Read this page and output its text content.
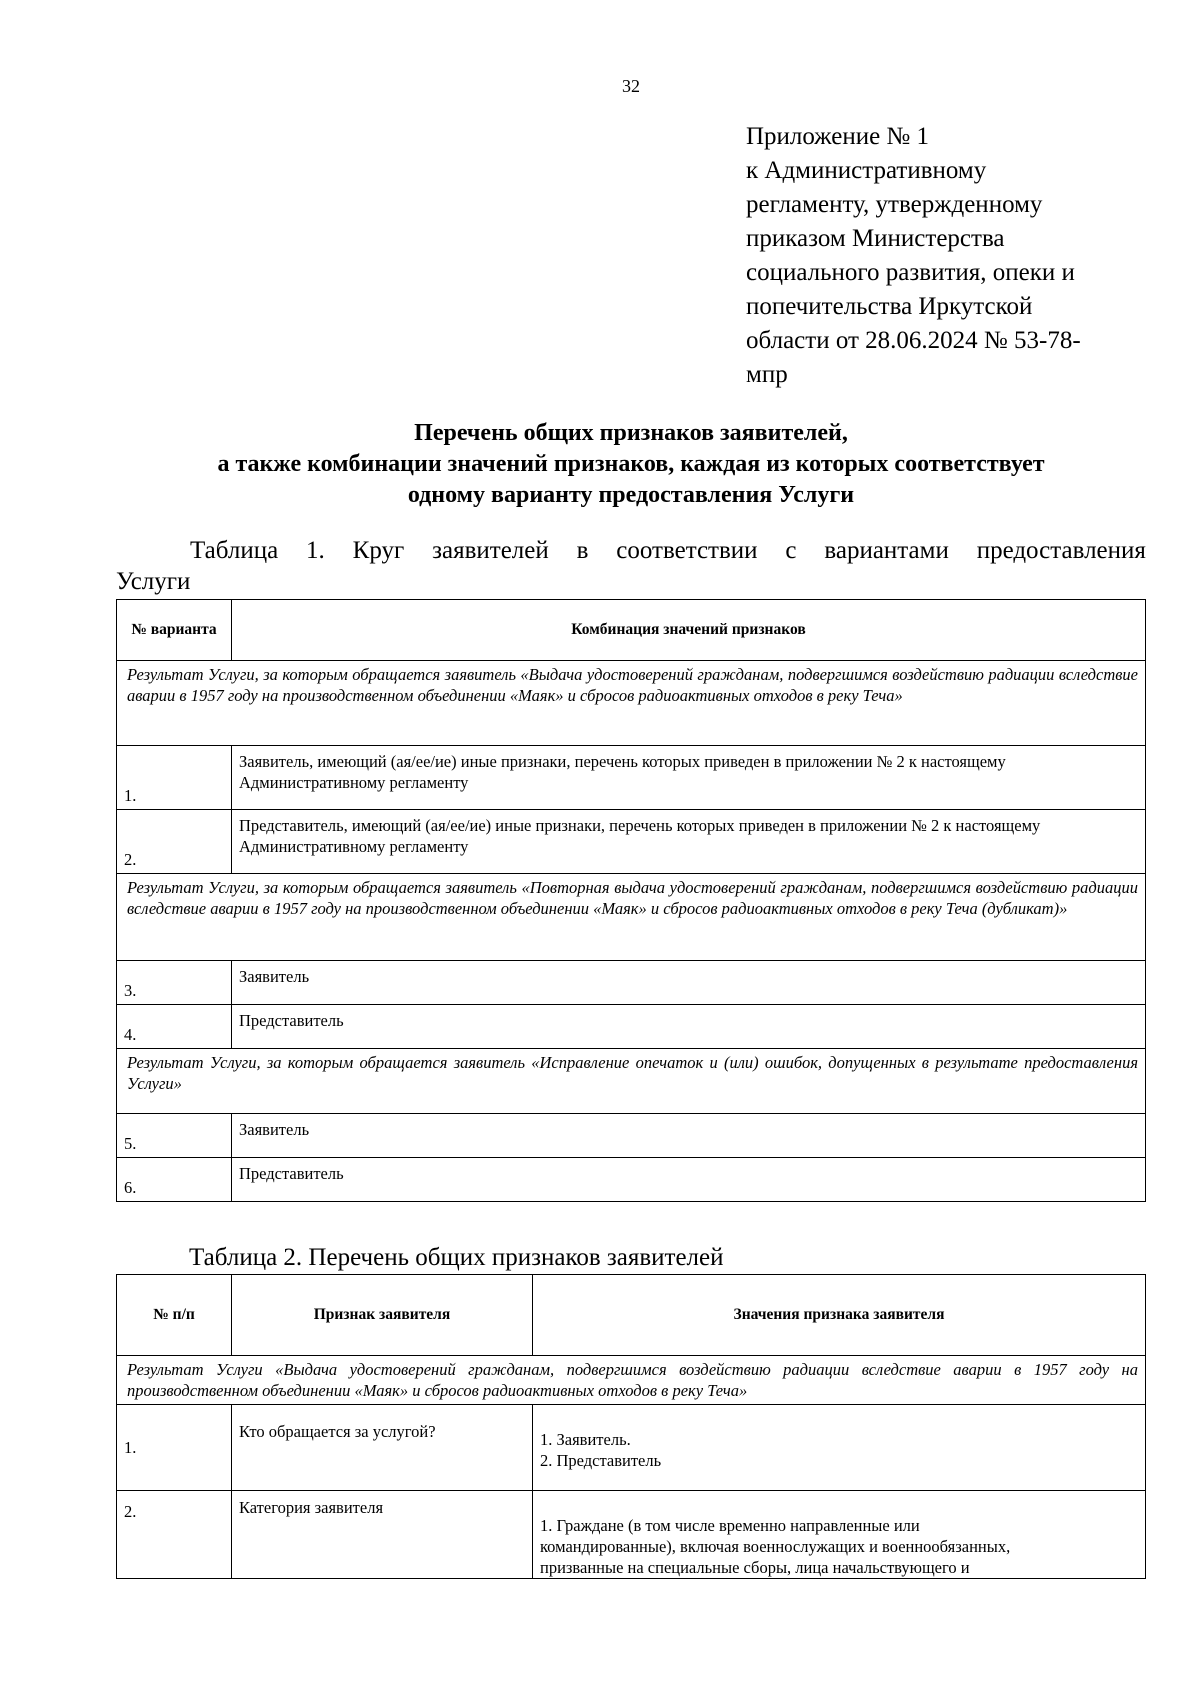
32
Приложение № 1
к Административному
регламенту, утвержденному
приказом Министерства
социального развития, опеки и
попечительства Иркутской
области от 28.06.2024 № 53-78-
мпр
Перечень общих признаков заявителей,
а также комбинации значений признаков, каждая из которых соответствует
одному варианту предоставления Услуги
Таблица 1. Круг заявителей в соответствии с вариантами предоставления
Услуги
№ варианта	Комбинация значений признаков
Результат Услуги, за которым обращается заявитель «Выдача удостоверений гражданам, подвергшимся воздействию радиации вследствие аварии в 1957 году на производственном объединении «Маяк» и сбросов радиоактивных отходов в реку Теча»	
1.	Заявитель, имеющий (ая/ее/ие) иные признаки, перечень которых приведен в приложении № 2 к настоящему Административному регламенту
2.	Представитель, имеющий (ая/ее/ие) иные признаки, перечень которых приведен в приложении № 2 к настоящему Административному регламенту
Результат Услуги, за которым обращается заявитель «Повторная выдача удостоверений гражданам, подвергшимся воздействию радиации вследствие аварии в 1957 году на производственном объединении «Маяк» и сбросов радиоактивных отходов в реку Теча (дубликат)»	
3.	Заявитель
4.	Представитель
Результат Услуги, за которым обращается заявитель «Исправление опечаток и (или) ошибок, допущенных в результате предоставления Услуги»	
5.	Заявитель
6.	Представитель
Таблица 2. Перечень общих признаков заявителей
№ п/п	Признак заявителя	Значения признака заявителя
Результат Услуги «Выдача удостоверений гражданам, подвергшимся воздействию радиации вследствие аварии в 1957 году на производственном объединении «Маяк» и сбросов радиоактивных отходов в реку Теча»		
1.	Кто обращается за услугой?	1. Заявитель.
2. Представитель

2.	Категория заявителя	1. Граждане (в том числе временно направленные или
командированные), включая военнослужащих и военнообязанных,
призванные на специальные сборы, лица начальствующего и
